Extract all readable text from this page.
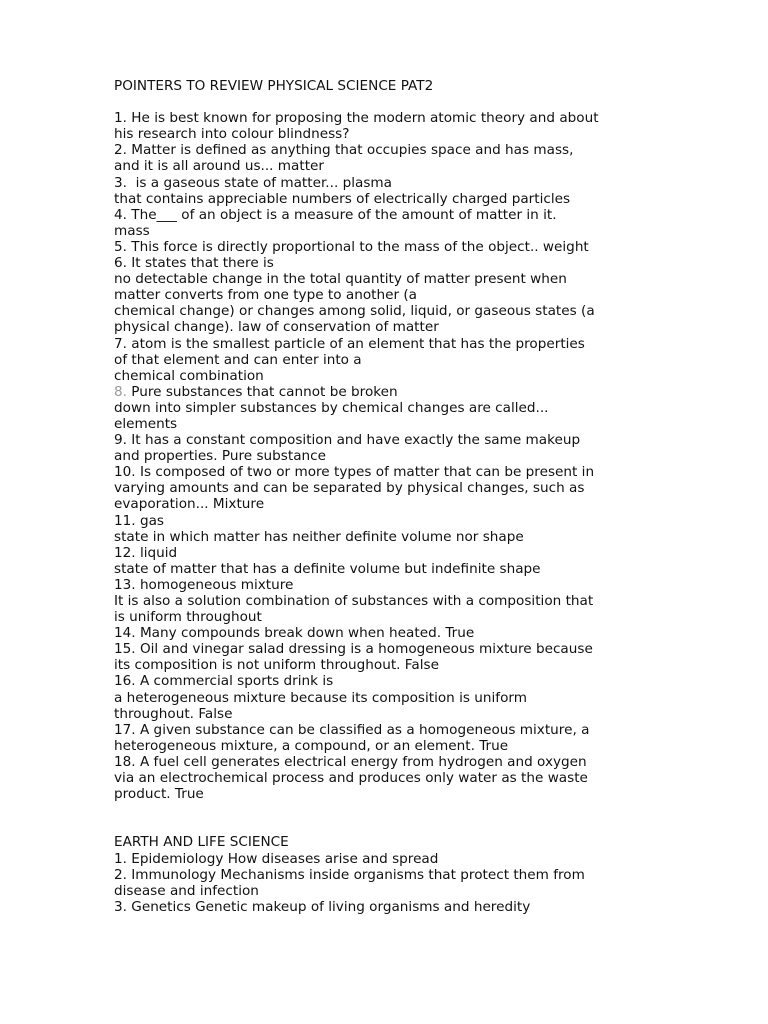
POINTERS TO REVIEW PHYSICAL SCIENCE PAT2
1. He is best known for proposing the modern atomic theory and about
his research into colour blindness?
2. Matter is defined as anything that occupies space and has mass,
and it is all around us... matter
3.  is a gaseous state of matter... plasma
that contains appreciable numbers of electrically charged particles
4. The___ of an object is a measure of the amount of matter in it.
mass
5. This force is directly proportional to the mass of the object.. weight
6. It states that there is
no detectable change in the total quantity of matter present when
matter converts from one type to another (a
chemical change) or changes among solid, liquid, or gaseous states (a
physical change). law of conservation of matter
7. atom is the smallest particle of an element that has the properties
of that element and can enter into a
chemical combination
8. Pure substances that cannot be broken
down into simpler substances by chemical changes are called...
elements
9. It has a constant composition and have exactly the same makeup
and properties. Pure substance
10. Is composed of two or more types of matter that can be present in
varying amounts and can be separated by physical changes, such as
evaporation... Mixture
11. gas
state in which matter has neither definite volume nor shape
12. liquid
state of matter that has a definite volume but indefinite shape
13. homogeneous mixture
It is also a solution combination of substances with a composition that
is uniform throughout
14. Many compounds break down when heated. True
15. Oil and vinegar salad dressing is a homogeneous mixture because
its composition is not uniform throughout. False
16. A commercial sports drink is
a heterogeneous mixture because its composition is uniform
throughout. False
17. A given substance can be classified as a homogeneous mixture, a
heterogeneous mixture, a compound, or an element. True
18. A fuel cell generates electrical energy from hydrogen and oxygen
via an electrochemical process and produces only water as the waste
product. True
EARTH AND LIFE SCIENCE
1. Epidemiology How diseases arise and spread
2. Immunology Mechanisms inside organisms that protect them from
disease and infection
3. Genetics Genetic makeup of living organisms and heredity
